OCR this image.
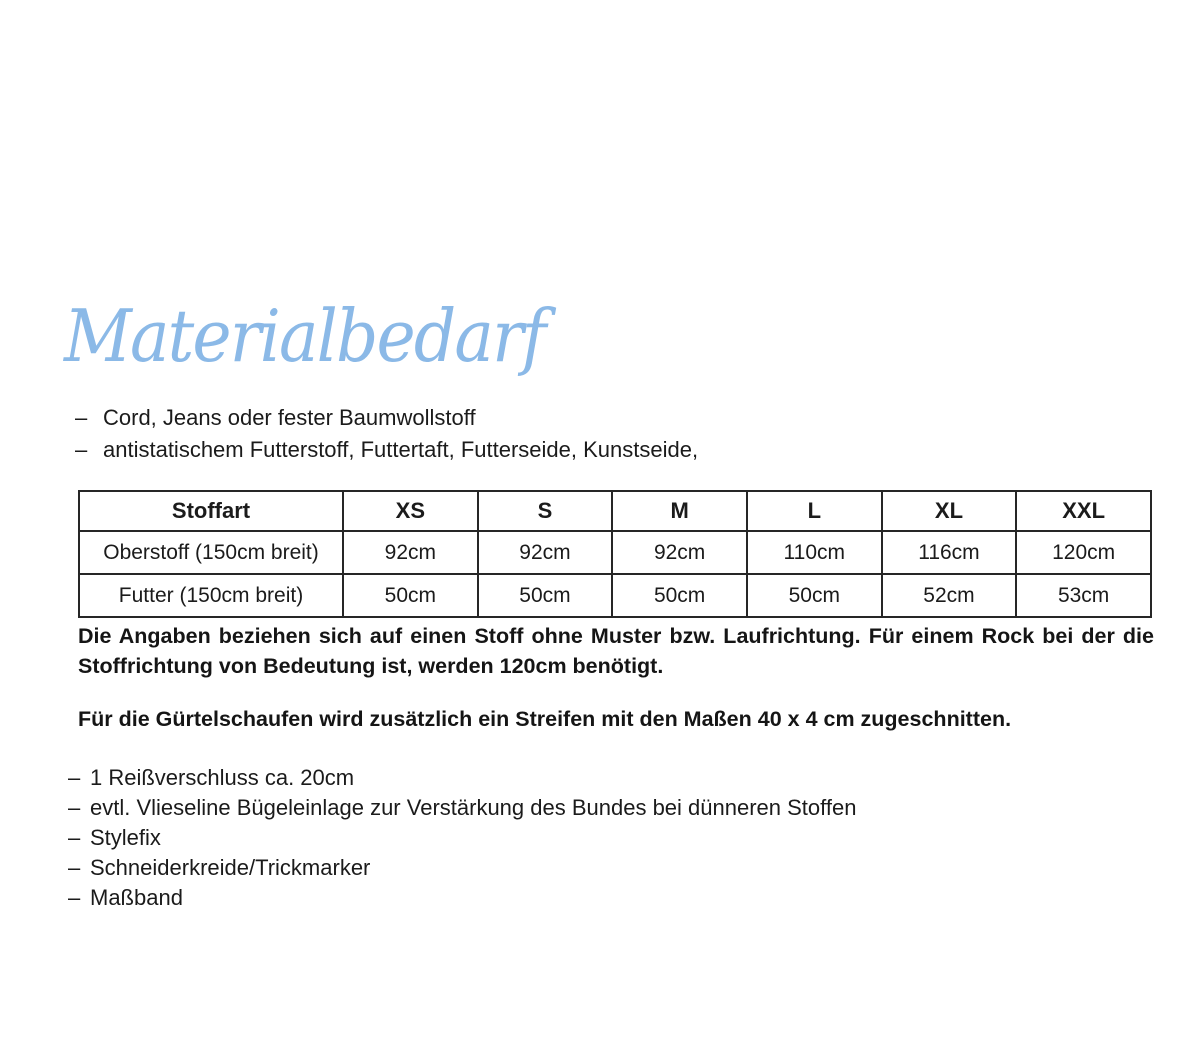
Materialbedarf
– Cord, Jeans oder fester Baumwollstoff
– antistatischem Futterstoff, Futtertaft, Futterseide, Kunstseide,
Stoffart	XS	S	M	L	XL	XXL
Oberstoff (150cm breit)	92cm	92cm	92cm	110cm	116cm	120cm
Futter (150cm breit)	50cm	50cm	50cm	50cm	52cm	53cm

Die Angaben beziehen sich auf einen Stoff ohne Muster bzw. Laufrichtung. Für einem Rock bei der die Stoffrichtung von Bedeutung ist, werden 120cm benötigt.

Für die Gürtelschaufen wird zusätzlich ein Streifen mit den Maßen 40 x 4 cm zugeschnitten.

– 1 Reißverschluss ca. 20cm
– evtl. Vlieseline Bügeleinlage zur Verstärkung des Bundes bei dünneren Stoffen
– Stylefix
– Schneiderkreide/Trickmarker
– Maßband
